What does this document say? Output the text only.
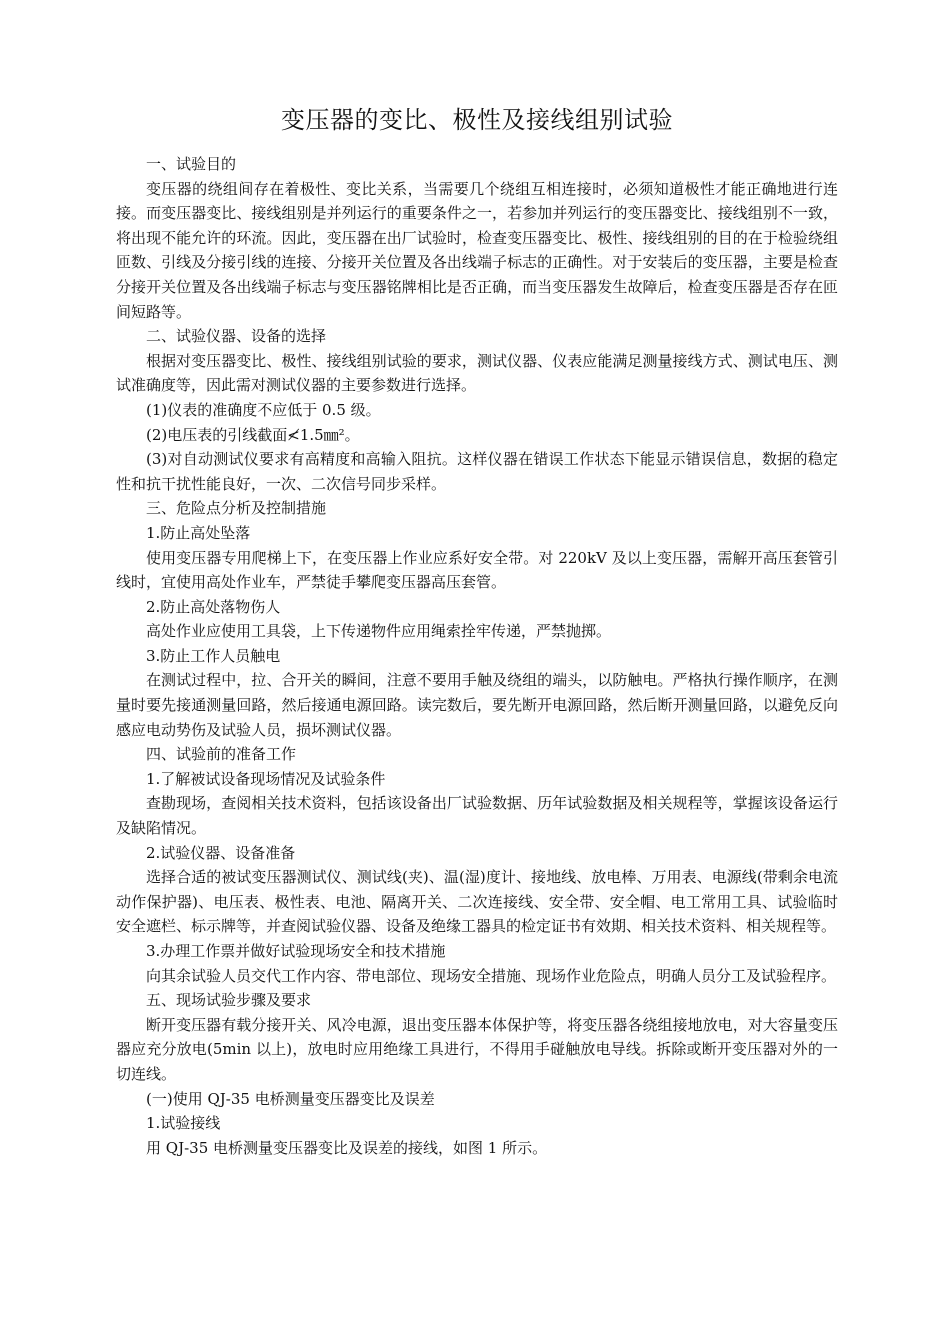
变压器的变比、极性及接线组别试验

一、试验目的

变压器的绕组间存在着极性、变比关系，当需要几个绕组互相连接时，必须知道极性才能正确地进行连接。而变压器变比、接线组别是并列运行的重要条件之一，若参加并列运行的变压器变比、接线组别不一致，将出现不能允许的环流。因此，变压器在出厂试验时，检查变压器变比、极性、接线组别的目的在于检验绕组匝数、引线及分接引线的连接、分接开关位置及各出线端子标志的正确性。对于安装后的变压器，主要是检查分接开关位置及各出线端子标志与变压器铭牌相比是否正确，而当变压器发生故障后，检查变压器是否存在匝间短路等。

二、试验仪器、设备的选择

根据对变压器变比、极性、接线组别试验的要求，测试仪器、仪表应能满足测量接线方式、测试电压、测试准确度等，因此需对测试仪器的主要参数进行选择。

(1)仪表的准确度不应低于 0.5 级。

(2)电压表的引线截面≮1.5㎜²。

(3)对自动测试仪要求有高精度和高输入阻抗。这样仪器在错误工作状态下能显示错误信息，数据的稳定性和抗干扰性能良好，一次、二次信号同步采样。

三、危险点分析及控制措施

1.防止高处坠落

使用变压器专用爬梯上下，在变压器上作业应系好安全带。对 220kV 及以上变压器，需解开高压套管引线时，宜使用高处作业车，严禁徒手攀爬变压器高压套管。

2.防止高处落物伤人

高处作业应使用工具袋，上下传递物件应用绳索拴牢传递，严禁抛掷。

3.防止工作人员触电

在测试过程中，拉、合开关的瞬间，注意不要用手触及绕组的端头，以防触电。严格执行操作顺序，在测量时要先接通测量回路，然后接通电源回路。读完数后，要先断开电源回路，然后断开测量回路，以避免反向感应电动势伤及试验人员，损坏测试仪器。

四、试验前的准备工作

1.了解被试设备现场情况及试验条件

查勘现场，查阅相关技术资料，包括该设备出厂试验数据、历年试验数据及相关规程等，掌握该设备运行及缺陷情况。

2.试验仪器、设备准备

选择合适的被试变压器测试仪、测试线(夹)、温(湿)度计、接地线、放电棒、万用表、电源线(带剩余电流动作保护器)、电压表、极性表、电池、隔离开关、二次连接线、安全带、安全帽、电工常用工具、试验临时安全遮栏、标示牌等，并查阅试验仪器、设备及绝缘工器具的检定证书有效期、相关技术资料、相关规程等。

3.办理工作票并做好试验现场安全和技术措施

向其余试验人员交代工作内容、带电部位、现场安全措施、现场作业危险点，明确人员分工及试验程序。

五、现场试验步骤及要求

断开变压器有载分接开关、风冷电源，退出变压器本体保护等，将变压器各绕组接地放电，对大容量变压器应充分放电(5min 以上)，放电时应用绝缘工具进行，不得用手碰触放电导线。拆除或断开变压器对外的一切连线。

(一)使用 QJ-35 电桥测量变压器变比及误差

1.试验接线

用 QJ-35 电桥测量变压器变比及误差的接线，如图 1 所示。
